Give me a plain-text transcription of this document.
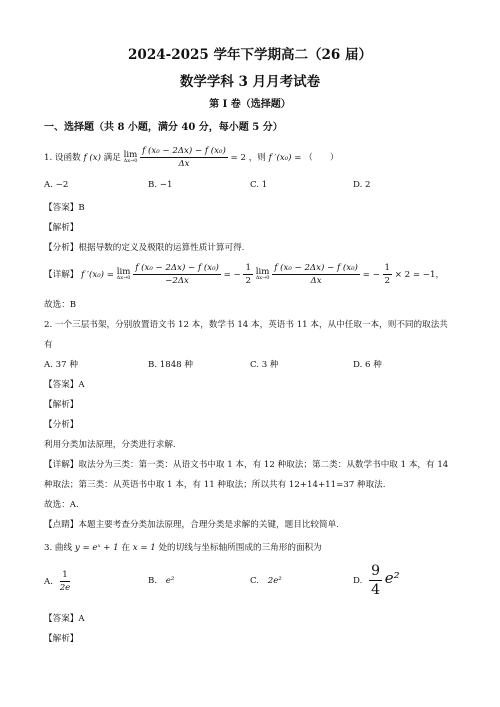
2024-2025 学年下学期高二（26 届）
数学学科 3 月月考试卷
第 I 卷（选择题）
一、选择题（共 8 小题，满分 40 分，每小题 5 分）
1. 设函数 f (x) 满足 lim
Δx→0
$\frac{\text{f (x₀ − 2Δx) − f (x₀)}}{\Delta x} = 2$ ，则 f ′(x₀) = （　　）
A. −2	B. −1	C. 1	D. 2
【答案】B
【解析】
【分析】根据导数的定义及极限的运算性质计算可得.
【详解】 f ′(x₀) = lim
Δx→0
$\frac{\text{f (x₀ − 2Δx) − f (x₀)}}{-2\Delta x}$ = − $\frac{1}{2}$ lim
Δx→0
$\frac{\text{f (x₀ − 2Δx) − f (x₀)}}{\Delta x}$ = − $\frac{1}{2} \times 2 = -1$，
故选：B
2. 一个三层书架，分别放置语文书 12 本，数学书 14 本，英语书 11 本，从中任取一本，则不同的取法共
有
A. 37 种	B. 1848 种	C. 3 种	D. 6 种
【答案】A
【解析】
【分析】
利用分类加法原理，分类进行求解.
【详解】取法分为三类：第一类：从语文书中取 1 本，有 12 种取法；第二类：从数学书中取 1 本，有 14
种取法；第三类：从英语书中取 1 本，有 11 种取法；所以共有 12+14+11=37 种取法.
故选：A.
【点睛】本题主要考查分类加法原理，合理分类是求解的关键，题目比较简单.
3. 曲线 y = eˣ + 1 在 x = 1 处的切线与坐标轴所围成的三角形的面积为
A. $\frac{1}{2e}$	B. e²	C. 2e²	D. $\frac{9}{4} e^2$
【答案】A
【解析】
